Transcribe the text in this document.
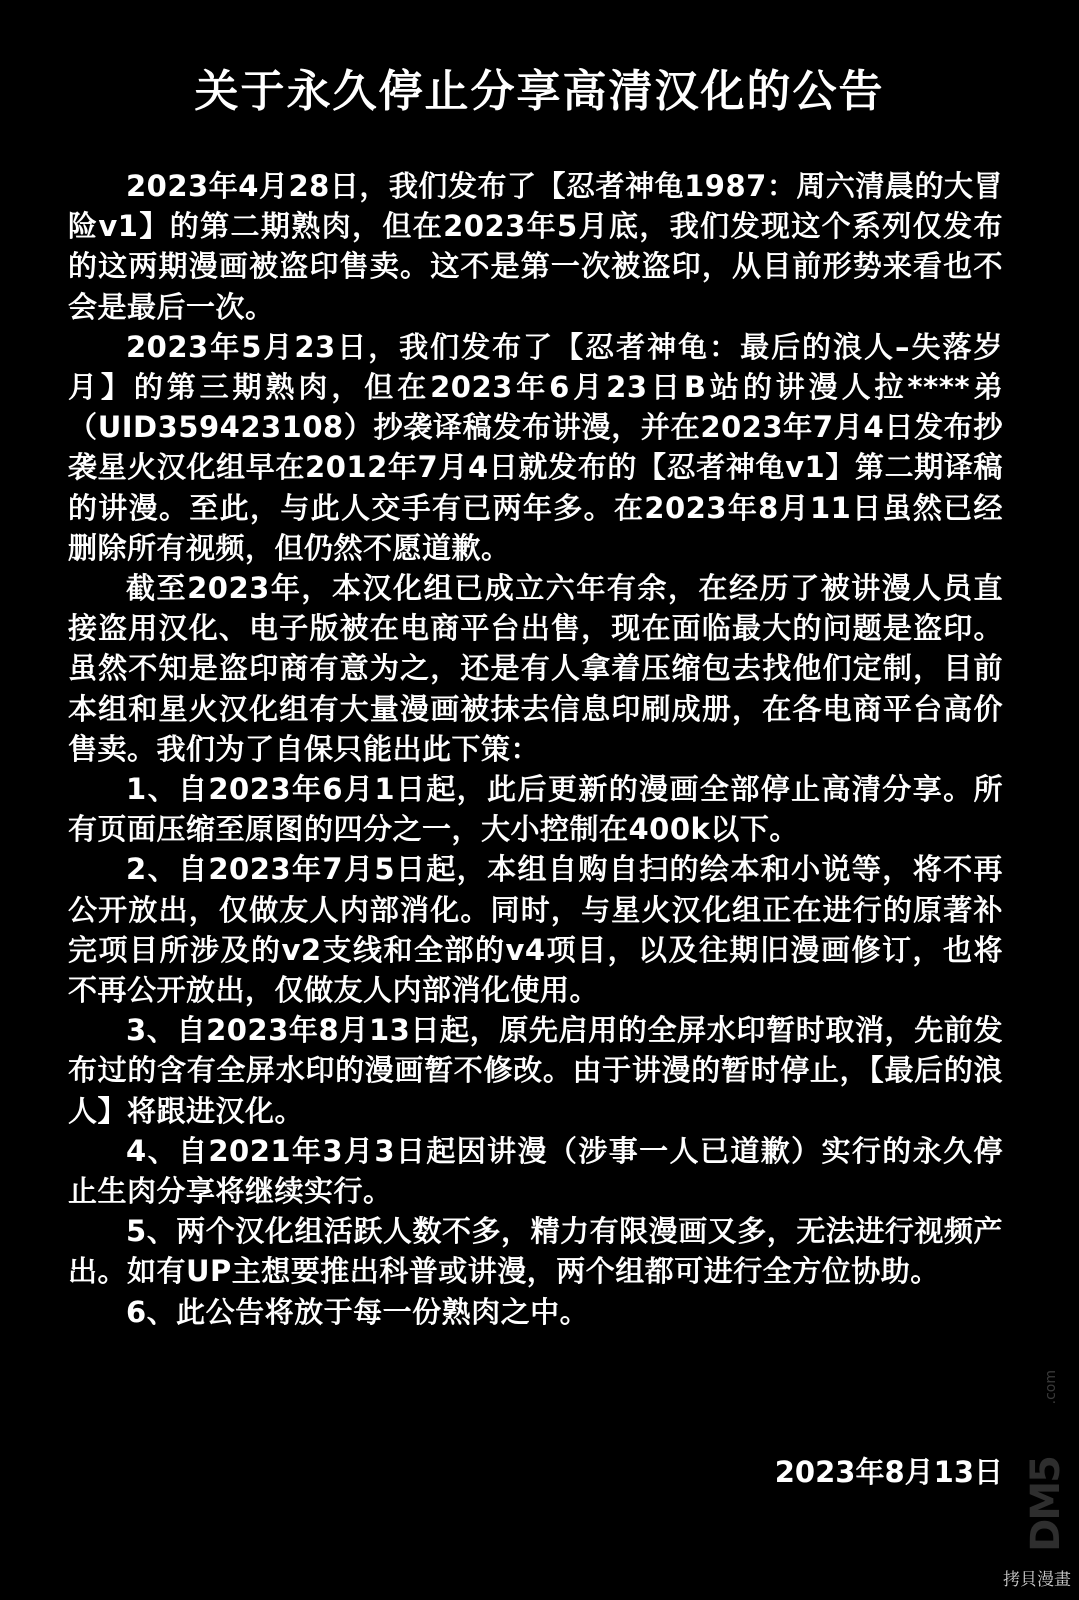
关于永久停止分享高清汉化的公告

2023年4月28日，我们发布了【忍者神龟1987：周六清晨的大冒险v1】的第二期熟肉，但在2023年5月底，我们发现这个系列仅发布的这两期漫画被盗印售卖。这不是第一次被盗印，从目前形势来看也不会是最后一次。

2023年5月23日，我们发布了【忍者神龟：最后的浪人–失落岁月】的第三期熟肉，但在2023年6月23日B站的讲漫人拉****弟（UID359423108）抄袭译稿发布讲漫，并在2023年7月4日发布抄袭星火汉化组早在2012年7月4日就发布的【忍者神龟v1】第二期译稿的讲漫。至此，与此人交手有已两年多。在2023年8月11日虽然已经删除所有视频，但仍然不愿道歉。

截至2023年，本汉化组已成立六年有余，在经历了被讲漫人员直接盗用汉化、电子版被在电商平台出售，现在面临最大的问题是盗印。虽然不知是盗印商有意为之，还是有人拿着压缩包去找他们定制，目前本组和星火汉化组有大量漫画被抹去信息印刷成册，在各电商平台高价售卖。我们为了自保只能出此下策：

1、自2023年6月1日起，此后更新的漫画全部停止高清分享。所有页面压缩至原图的四分之一，大小控制在400k以下。

2、自2023年7月5日起，本组自购自扫的绘本和小说等，将不再公开放出，仅做友人内部消化。同时，与星火汉化组正在进行的原著补完项目所涉及的v2支线和全部的v4项目，以及往期旧漫画修订，也将不再公开放出，仅做友人内部消化使用。

3、自2023年8月13日起，原先启用的全屏水印暂时取消，先前发布过的含有全屏水印的漫画暂不修改。由于讲漫的暂时停止，【最后的浪人】将跟进汉化。

4、自2021年3月3日起因讲漫（涉事一人已道歉）实行的永久停止生肉分享将继续实行。

5、两个汉化组活跃人数不多，精力有限漫画又多，无法进行视频产出。如有UP主想要推出科普或讲漫，两个组都可进行全方位协助。

6、此公告将放于每一份熟肉之中。

2023年8月13日
.com
DM5
拷貝漫畫
